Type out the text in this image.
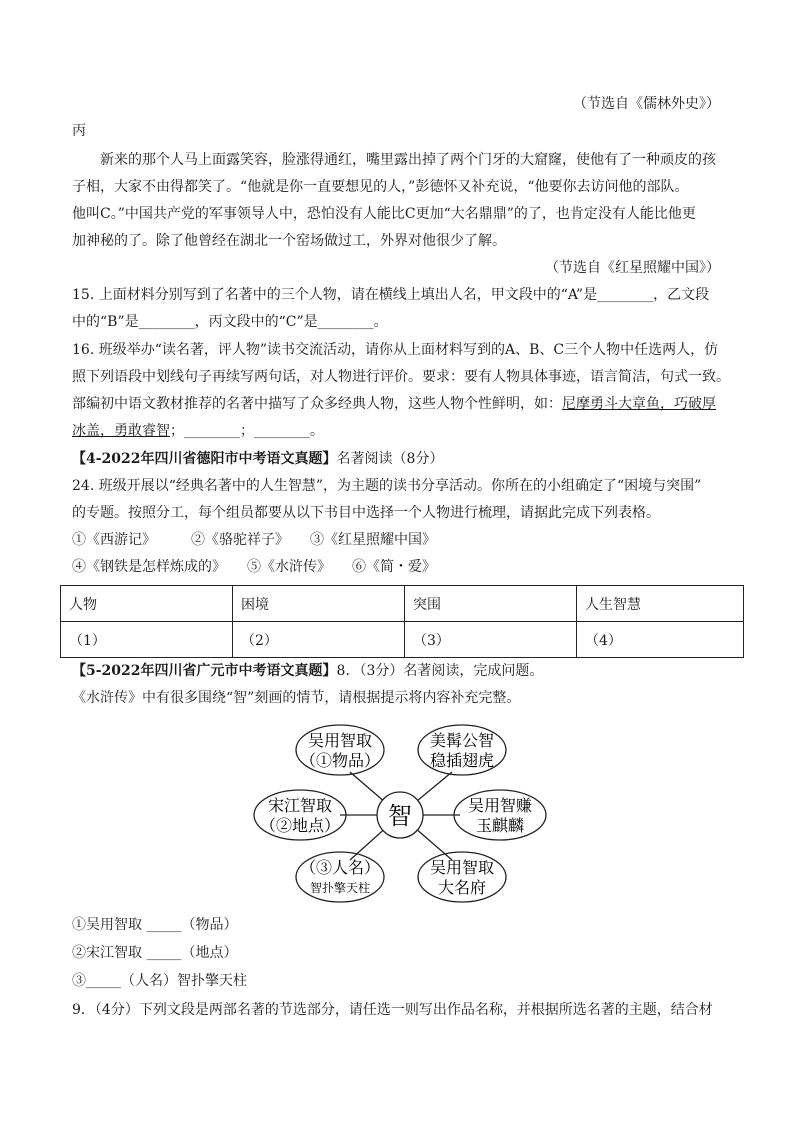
（节选自《儒林外史》）
丙
新来的那个人马上面露笑容，脸涨得通红，嘴里露出掉了两个门牙的大窟窿，使他有了一种顽皮的孩
子相，大家不由得都笑了。“他就是你一直要想见的人，”彭德怀又补充说，“他要你去访问他的部队。
他叫C。”中国共产党的军事领导人中，恐怕没有人能比C更加“大名鼎鼎”的了，也肯定没有人能比他更
加神秘的了。除了他曾经在湖北一个窑场做过工，外界对他很少了解。
（节选自《红星照耀中国》）
15. 上面材料分别写到了名著中的三个人物，请在横线上填出人名，甲文段中的“A”是________，乙文段
中的“B”是________，丙文段中的“C”是________。
16. 班级举办“读名著，评人物”读书交流活动，请你从上面材料写到的A、B、C三个人物中任选两人，仿
照下列语段中划线句子再续写两句话，对人物进行评价。要求：要有人物具体事迹，语言简洁，句式一致。
部编初中语文教材推荐的名著中描写了众多经典人物，这些人物个性鲜明，如：尼摩勇斗大章鱼，巧破厚
冰盖，勇敢睿智；________；________。
【4-2022年四川省德阳市中考语文真题】名著阅读（8分）
24. 班级开展以“经典名著中的人生智慧”，为主题的读书分享活动。你所在的小组确定了“困境与突围”
的专题。按照分工，每个组员都要从以下书目中选择一个人物进行梳理，请据此完成下列表格。
①《西游记》　　　②《骆驼祥子》　　③《红星照耀中国》
④《钢铁是怎样炼成的》　　⑤《水浒传》　　⑥《简・爱》
人物	困境	突围	人生智慧
（1）	（2）	（3）	（4）
【5-2022年四川省广元市中考语文真题】8．（3分）名著阅读，完成问题。
《水浒传》中有很多围绕“智”刻画的情节，请根据提示将内容补充完整。
智
吴用智取
（①物品）
美髯公智
稳插翅虎
宋江智取
（②地点）
吴用智赚
玉麒麟
（③人名）
智扑擎天柱
吴用智取
大名府
①吴用智取 _____（物品）
②宋江智取 _____（地点）
③_____（人名）智扑擎天柱
9．（4分）下列文段是两部名著的节选部分，请任选一则写出作品名称，并根据所选名著的主题，结合材
